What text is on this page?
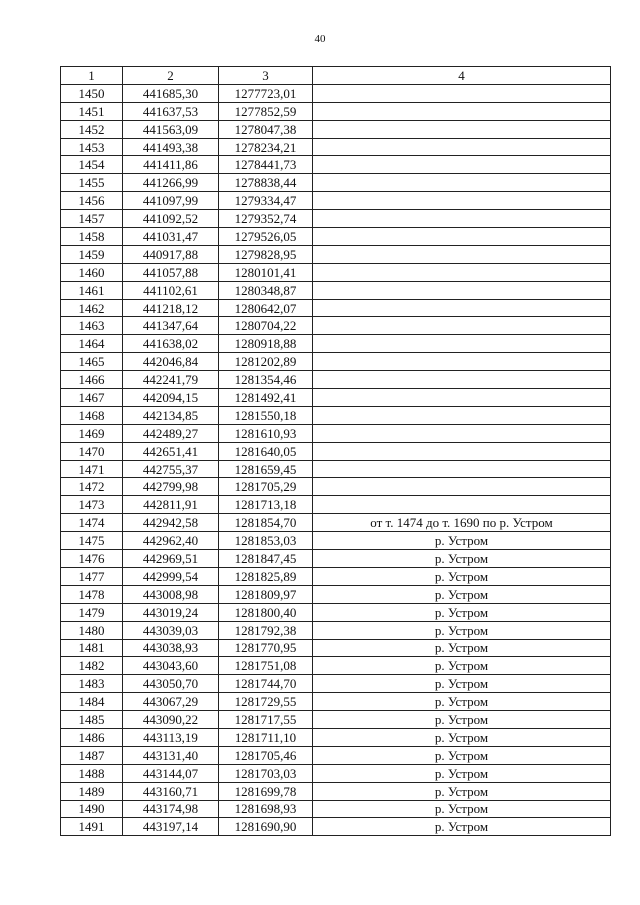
40
1	2	3	4
1450	441685,30	1277723,01	
1451	441637,53	1277852,59	
1452	441563,09	1278047,38	
1453	441493,38	1278234,21	
1454	441411,86	1278441,73	
1455	441266,99	1278838,44	
1456	441097,99	1279334,47	
1457	441092,52	1279352,74	
1458	441031,47	1279526,05	
1459	440917,88	1279828,95	
1460	441057,88	1280101,41	
1461	441102,61	1280348,87	
1462	441218,12	1280642,07	
1463	441347,64	1280704,22	
1464	441638,02	1280918,88	
1465	442046,84	1281202,89	
1466	442241,79	1281354,46	
1467	442094,15	1281492,41	
1468	442134,85	1281550,18	
1469	442489,27	1281610,93	
1470	442651,41	1281640,05	
1471	442755,37	1281659,45	
1472	442799,98	1281705,29	
1473	442811,91	1281713,18	
1474	442942,58	1281854,70	от т. 1474 до т. 1690 по р. Устром
1475	442962,40	1281853,03	р. Устром
1476	442969,51	1281847,45	р. Устром
1477	442999,54	1281825,89	р. Устром
1478	443008,98	1281809,97	р. Устром
1479	443019,24	1281800,40	р. Устром
1480	443039,03	1281792,38	р. Устром
1481	443038,93	1281770,95	р. Устром
1482	443043,60	1281751,08	р. Устром
1483	443050,70	1281744,70	р. Устром
1484	443067,29	1281729,55	р. Устром
1485	443090,22	1281717,55	р. Устром
1486	443113,19	1281711,10	р. Устром
1487	443131,40	1281705,46	р. Устром
1488	443144,07	1281703,03	р. Устром
1489	443160,71	1281699,78	р. Устром
1490	443174,98	1281698,93	р. Устром
1491	443197,14	1281690,90	р. Устром
